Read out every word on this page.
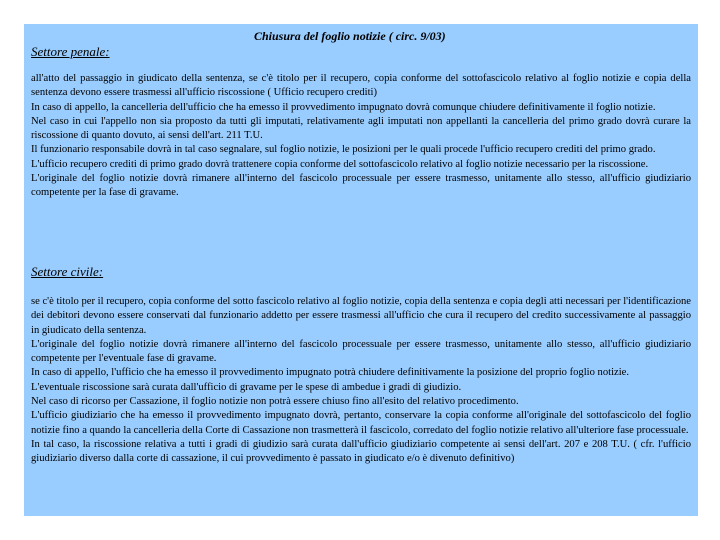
Chiusura del foglio notizie ( circ. 9/03)
Settore penale:

all'atto del passaggio in giudicato della sentenza, se c'è titolo per il recupero, copia conforme del sottofascicolo relativo al foglio notizie e copia della sentenza devono essere trasmessi all'ufficio riscossione ( Ufficio recupero crediti)

In caso di appello, la cancelleria dell'ufficio che ha emesso il provvedimento impugnato dovrà comunque chiudere definitivamente il foglio notizie.

Nel caso in cui l'appello non sia proposto da tutti gli imputati, relativamente agli imputati non appellanti la cancelleria del primo grado dovrà curare la riscossione di quanto dovuto, ai sensi dell'art. 211 T.U.

Il funzionario responsabile dovrà in tal caso segnalare, sul foglio notizie, le posizioni per le quali procede l'ufficio recupero crediti del primo grado.

L'ufficio recupero crediti di primo grado dovrà trattenere copia conforme del sottofascicolo relativo al foglio notizie necessario per la riscossione.

L'originale del foglio notizie dovrà rimanere all'interno del fascicolo processuale per essere trasmesso, unitamente allo stesso, all'ufficio giudiziario competente per la fase di gravame.

Settore civile:

se c'è titolo per il recupero, copia conforme del sotto fascicolo relativo al foglio notizie, copia della sentenza e copia degli atti necessari per l'identificazione dei debitori devono essere conservati dal funzionario addetto per essere trasmessi all'ufficio che cura il recupero del credito successivamente al passaggio in giudicato della sentenza.

L'originale del foglio notizie dovrà rimanere all'interno del fascicolo processuale per essere trasmesso, unitamente allo stesso, all'ufficio giudiziario competente per l'eventuale fase di gravame.

In caso di appello, l'ufficio che ha emesso il provvedimento impugnato potrà chiudere definitivamente la posizione del proprio foglio notizie.

L'eventuale riscossione sarà curata dall'ufficio di gravame per le spese di ambedue i gradi di giudizio.

Nel caso di ricorso per Cassazione, il foglio notizie non potrà essere chiuso fino all'esito del relativo procedimento.

L'ufficio giudiziario che ha emesso il provvedimento impugnato dovrà, pertanto, conservare la copia conforme all'originale del sottofascicolo del foglio notizie fino a quando la cancelleria della Corte di Cassazione non trasmetterà il fascicolo, corredato del foglio notizie relativo all'ulteriore fase processuale.

In tal caso, la riscossione relativa a tutti i gradi di giudizio sarà curata dall'ufficio giudiziario competente ai sensi dell'art. 207 e 208 T.U. ( cfr. l'ufficio giudiziario diverso dalla corte di cassazione, il cui provvedimento è passato in giudicato e/o è divenuto definitivo)
